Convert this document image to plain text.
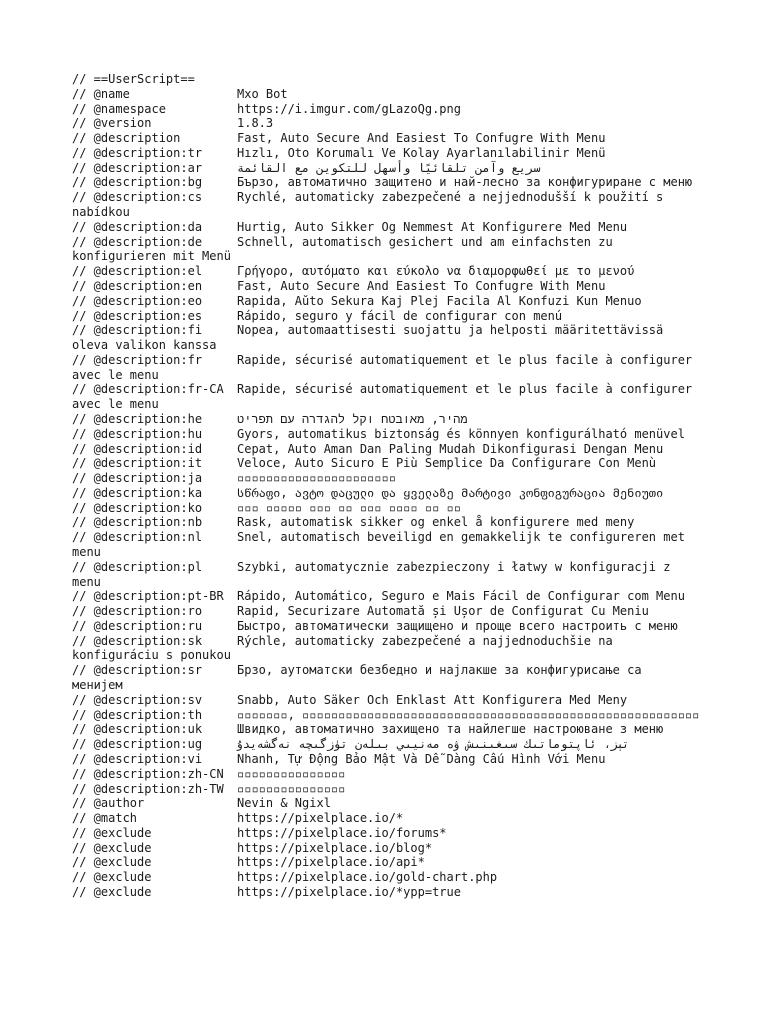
// ==UserScript==
// @name	Mxo Bot
// @namespace	https://i.imgur.com/gLazoQg.png
// @version	1.8.3
// @description	Fast, Auto Secure And Easiest To Confugre With Menu
// @description:tr	Hızlı, Oto Korumalı Ve Kolay Ayarlanılabilinir Menü
// @description:ar	سريع وآمن تلقائيًا وأسهل للتكوين مع القائمة
// @description:bg	Бързо, автоматично защитено и най-лесно за конфигуриране с меню
// @description:cs	Rychlé, automaticky zabezpečené a nejjednodušší k použití s nabídkou
// @description:da	Hurtig, Auto Sikker Og Nemmest At Konfigurere Med Menu
// @description:de	Schnell, automatisch gesichert und am einfachsten zu konfigurieren mit Menü
// @description:el	Γρήγορο, αυτόματο και εύκολο να διαμορφωθεί με το μενού
// @description:en	Fast, Auto Secure And Easiest To Confugre With Menu
// @description:eo	Rapida, Aŭto Sekura Kaj Plej Facila Al Konfuzi Kun Menuo
// @description:es	Rápido, seguro y fácil de configurar con menú
// @description:fi	Nopea, automaattisesti suojattu ja helposti määritettävissä oleva valikon kanssa
// @description:fr	Rapide, sécurisé automatiquement et le plus facile à configurer avec le menu
// @description:fr-CA Rapide, sécurisé automatiquement et le plus facile à configurer avec le menu
// @description:he	מהיר, מאובטח וקל להגדרה עם תפריט
// @description:hu	Gyors, automatikus biztonság és könnyen konfigurálható menüvel
// @description:id	Cepat, Auto Aman Dan Paling Mudah Dikonfigurasi Dengan Menu
// @description:it	Veloce, Auto Sicuro E Più Semplice Da Configurare Con Menù
// @description:ja	▫▫▫▫▫▫▫▫▫▫▫▫▫▫▫▫▫▫▫▫▫▫
// @description:ka	სწრაფი, ავტო დაცული და ყველაზე მარტივი კონფიგურაცია მენიუთი
// @description:ko	▫▫▫ ▫▫▫▫▫ ▫▫▫ ▫▫ ▫▫▫ ▫▫▫▫ ▫▫ ▫▫
// @description:nb	Rask, automatisk sikker og enkel å konfigurere med meny
// @description:nl	Snel, automatisch beveiligd en gemakkelijk te configureren met menu
// @description:pl	Szybki, automatycznie zabezpieczony i łatwy w konfiguracji z menu
// @description:pt-BR Rápido, Automático, Seguro e Mais Fácil de Configurar com Menu
// @description:ro	Rapid, Securizare Automată și Ușor de Configurat Cu Meniu
// @description:ru	Быстро, автоматически защищено и проще всего настроить с меню
// @description:sk	Rýchle, automaticky zabezpečené a najjednoduchšie na konfiguráciu s ponukou
// @description:sr	Брзо, аутоматски безбедно и најлакше за конфигурисање са менијем
// @description:sv	Snabb, Auto Säker Och Enklast Att Konfigurera Med Meny
// @description:th	▫▫▫▫▫▫▫, ▫▫▫▫▫▫▫▫▫▫▫▫▫▫▫▫▫▫▫▫▫▫▫▫▫▫▫▫▫▫▫▫▫▫▫▫▫▫▫▫▫▫▫▫▫▫▫▫▫▫▫▫▫▫▫
// @description:uk	Швидко, автоматично захищено та найлегше настроюване з меню
// @description:ug	تېز، ئاپتوماتىك سىغىنىش ۋە مەنيىي بىلەن تۈزگىچە نەگشەيدۇ
// @description:vi	Nhanh, Tự Động Bảo Mật Và Dễ Dàng Cấu Hình Với Menu
// @description:zh-CN	▫▫▫▫▫▫▫▫▫▫▫▫▫▫▫
// @description:zh-TW	▫▫▫▫▫▫▫▫▫▫▫▫▫▫▫
// @author	Nevin & Ngixl
// @match	https://pixelplace.io/*
// @exclude	https://pixelplace.io/forums*
// @exclude	https://pixelplace.io/blog*
// @exclude	https://pixelplace.io/api*
// @exclude	https://pixelplace.io/gold-chart.php
// @exclude	https://pixelplace.io/*ypp=true
